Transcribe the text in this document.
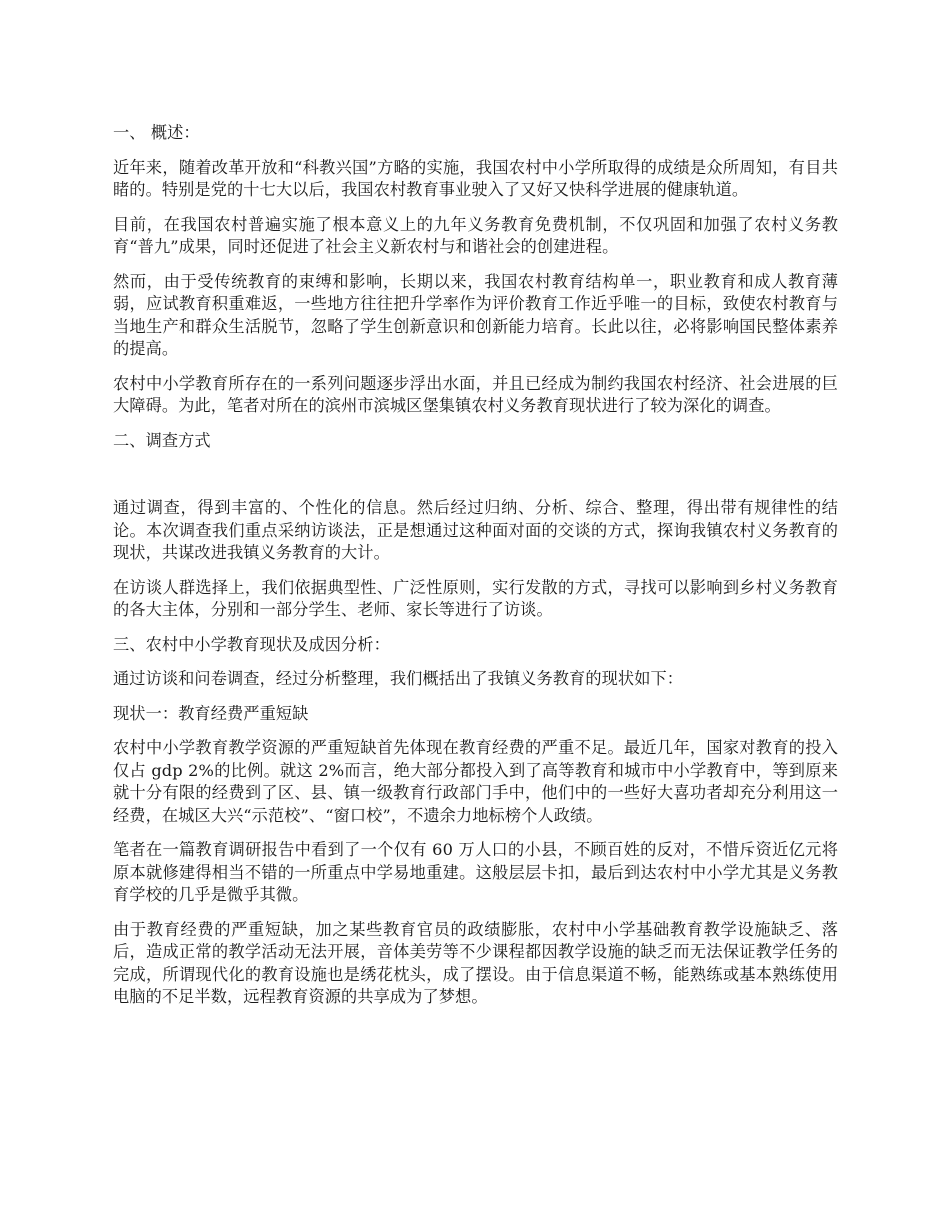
一、 概述：

近年来，随着改革开放和“科教兴国”方略的实施，我国农村中小学所取得的成绩是众所周知，有目共睹的。特别是党的十七大以后，我国农村教育事业驶入了又好又快科学进展的健康轨道。

目前，在我国农村普遍实施了根本意义上的九年义务教育免费机制，不仅巩固和加强了农村义务教育“普九”成果，同时还促进了社会主义新农村与和谐社会的创建进程。

然而，由于受传统教育的束缚和影响，长期以来，我国农村教育结构单一，职业教育和成人教育薄弱，应试教育积重难返，一些地方往往把升学率作为评价教育工作近乎唯一的目标，致使农村教育与当地生产和群众生活脱节，忽略了学生创新意识和创新能力培育。长此以往，必将影响国民整体素养的提高。

农村中小学教育所存在的一系列问题逐步浮出水面，并且已经成为制约我国农村经济、社会进展的巨大障碍。为此，笔者对所在的滨州市滨城区堡集镇农村义务教育现状进行了较为深化的调查。

二、调查方式

通过调查，得到丰富的、个性化的信息。然后经过归纳、分析、综合、整理，得出带有规律性的结论。本次调查我们重点采纳访谈法，正是想通过这种面对面的交谈的方式，探询我镇农村义务教育的现状，共谋改进我镇义务教育的大计。

在访谈人群选择上，我们依据典型性、广泛性原则，实行发散的方式，寻找可以影响到乡村义务教育的各大主体，分别和一部分学生、老师、家长等进行了访谈。

三、农村中小学教育现状及成因分析：

通过访谈和问卷调查，经过分析整理，我们概括出了我镇义务教育的现状如下：

现状一：教育经费严重短缺

农村中小学教育教学资源的严重短缺首先体现在教育经费的严重不足。最近几年，国家对教育的投入仅占 gdp 2%的比例。就这 2%而言，绝大部分都投入到了高等教育和城市中小学教育中，等到原来就十分有限的经费到了区、县、镇一级教育行政部门手中，他们中的一些好大喜功者却充分利用这一经费，在城区大兴“示范校”、“窗口校”，不遗余力地标榜个人政绩。

笔者在一篇教育调研报告中看到了一个仅有 60 万人口的小县，不顾百姓的反对，不惜斥资近亿元将原本就修建得相当不错的一所重点中学易地重建。这般层层卡扣，最后到达农村中小学尤其是义务教育学校的几乎是微乎其微。

由于教育经费的严重短缺，加之某些教育官员的政绩膨胀，农村中小学基础教育教学设施缺乏、落后，造成正常的教学活动无法开展，音体美劳等不少课程都因教学设施的缺乏而无法保证教学任务的完成，所谓现代化的教育设施也是绣花枕头，成了摆设。由于信息渠道不畅，能熟练或基本熟练使用电脑的不足半数，远程教育资源的共享成为了梦想。
